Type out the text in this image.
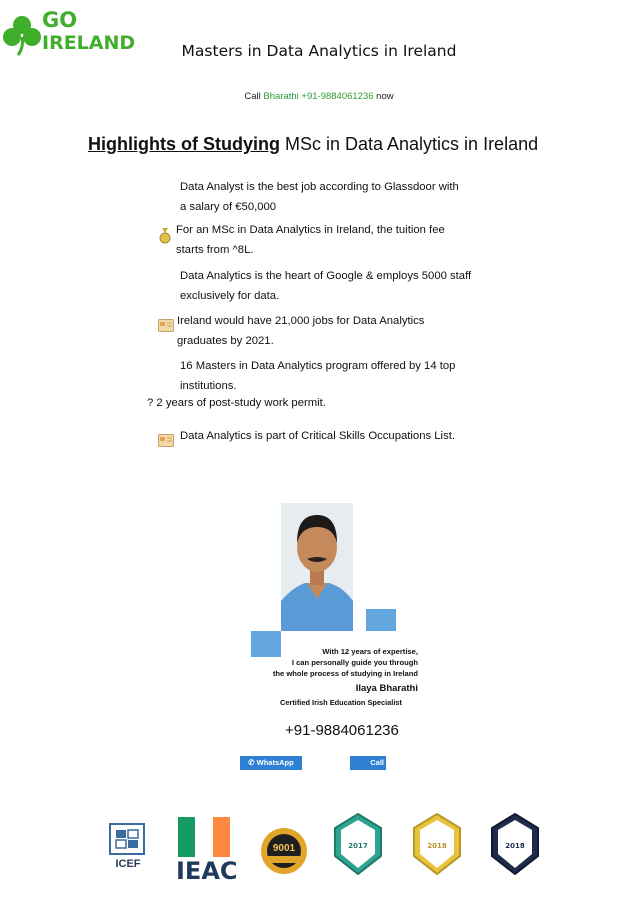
GO
IRELAND	Masters in Data Analytics in Ireland
Call Bharathi +91-9884061236 now
Highlights of Studying MSc in Data Analytics in Ireland
Data Analyst is the best job according to Glassdoor with
a salary of €50,000
For an MSc in Data Analytics in Ireland, the tuition fee
starts from ^8L.
Data Analytics is the heart of Google & employs 5000 staff
exclusively for data.
Ireland would have 21,000 jobs for Data Analytics
graduates by 2021.
16 Masters in Data Analytics program offered by 14 top
institutions.
? 2 years of post-study work permit.
Data Analytics is part of Critical Skills Occupations List.
With 12 years of expertise,
I can personally guide you through
the whole process of studying in Ireland
Ilaya Bharathi
Certified Irish Education Specialist
+91-9884061236
✆ WhatsApp	Call
ICEF	IEAC
9001	2017	2018	2018
